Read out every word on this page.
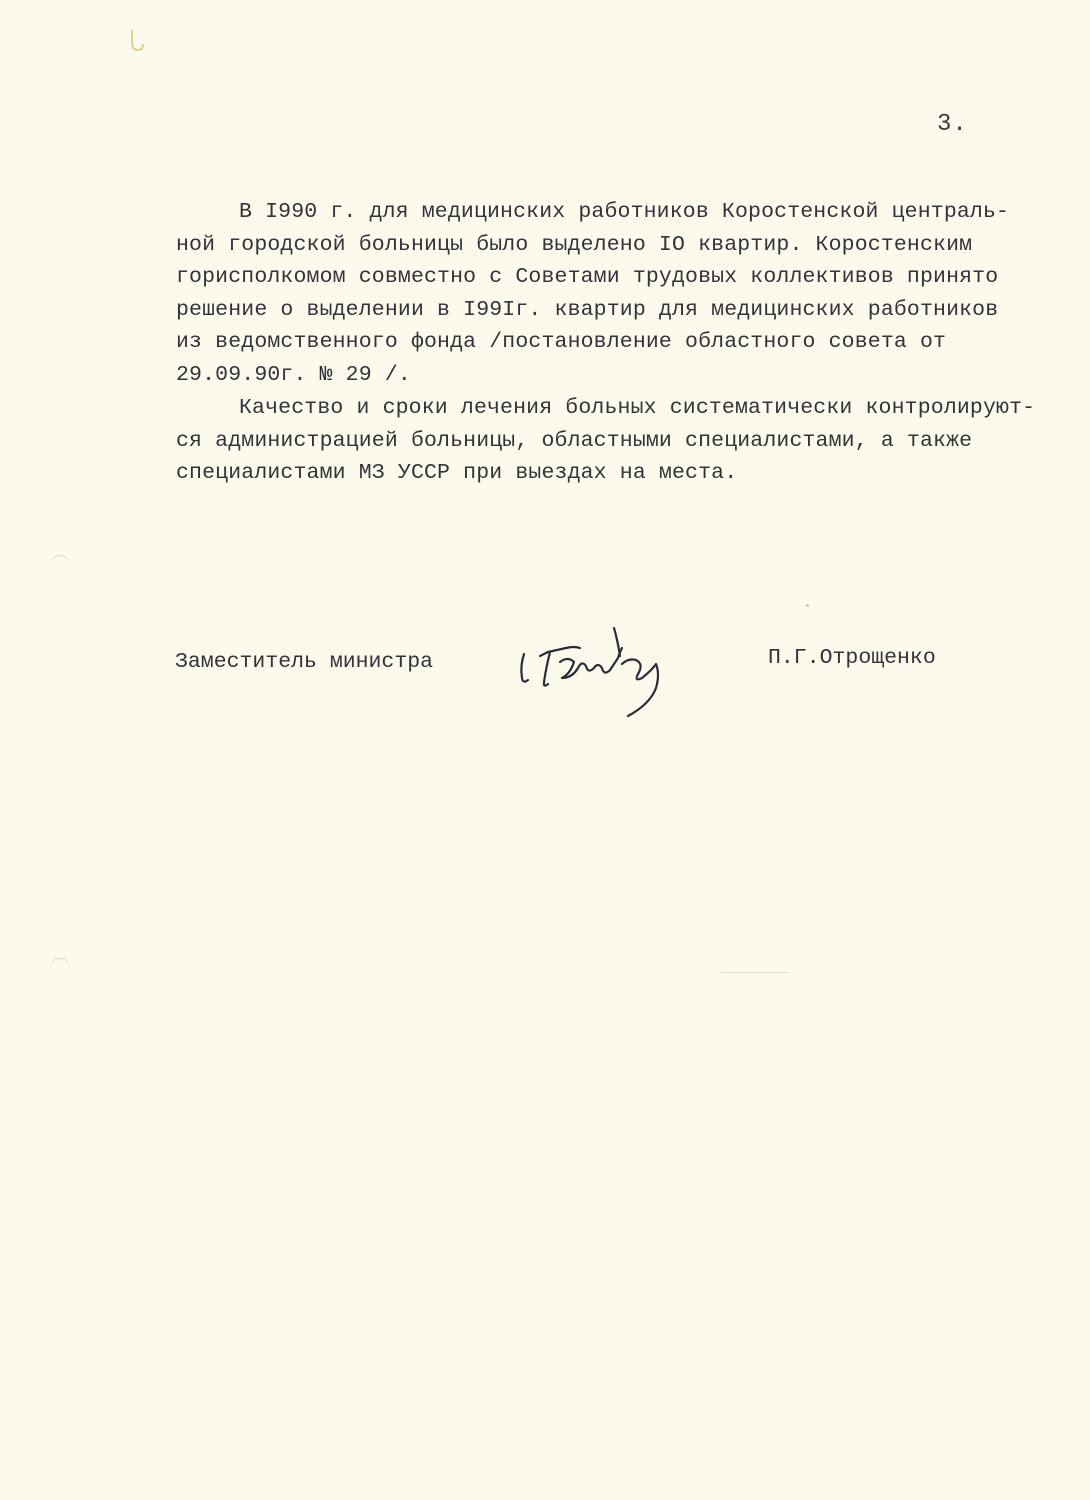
3.
В I990 г. для медицинских работников Коростенской централь-
ной городской больницы было выделено IO квартир. Коростенским
горисполкомом совместно с Советами трудовых коллективов принято
решение о выделении в I99Iг. квартир для медицинских работников
из ведомственного фонда /постановление областного совета от
29.09.90г. № 29 /.
Качество и сроки лечения больных систематически контролируют-
ся администрацией больницы, областными специалистами, а также
специалистами МЗ УССР при выездах на места.
Заместитель министра	П.Г.Отрощенко
